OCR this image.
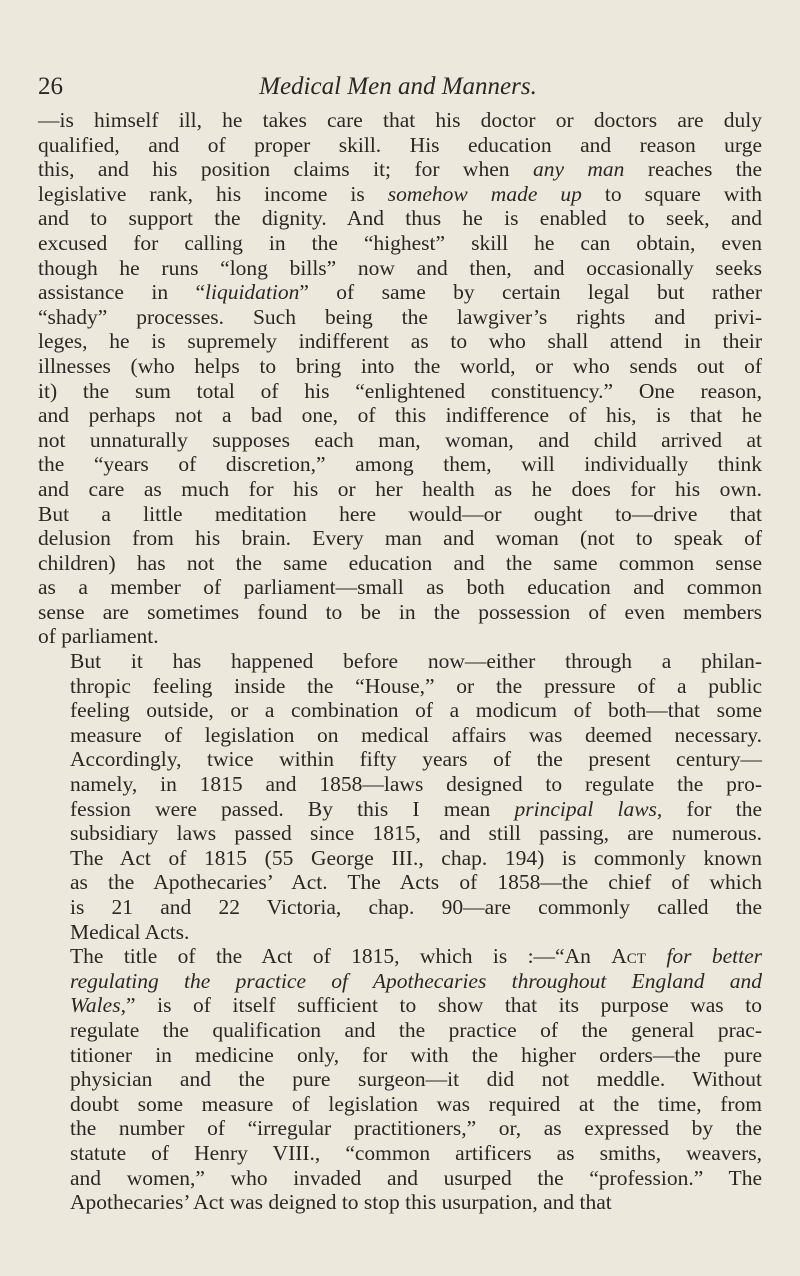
26	Medical Men and Manners.
—is himself ill, he takes care that his doctor or doctors are duly
qualified, and of proper skill. His education and reason urge
this, and his position claims it; for when any man reaches the
legislative rank, his income is somehow made up to square with
and to support the dignity. And thus he is enabled to seek, and
excused for calling in the “highest” skill he can obtain, even
though he runs “long bills” now and then, and occasionally seeks
assistance in “liquidation” of same by certain legal but rather
“shady” processes. Such being the lawgiver’s rights and privi-
leges, he is supremely indifferent as to who shall attend in their
illnesses (who helps to bring into the world, or who sends out of
it) the sum total of his “enlightened constituency.” One reason,
and perhaps not a bad one, of this indifference of his, is that he
not unnaturally supposes each man, woman, and child arrived at
the “years of discretion,” among them, will individually think
and care as much for his or her health as he does for his own.
But a little meditation here would—or ought to—drive that
delusion from his brain. Every man and woman (not to speak of
children) has not the same education and the same common sense
as a member of parliament—small as both education and common
sense are sometimes found to be in the possession of even members
of parliament.
But it has happened before now—either through a philan-
thropic feeling inside the “House,” or the pressure of a public
feeling outside, or a combination of a modicum of both—that some
measure of legislation on medical affairs was deemed necessary.
Accordingly, twice within fifty years of the present century—
namely, in 1815 and 1858—laws designed to regulate the pro-
fession were passed. By this I mean principal laws, for the
subsidiary laws passed since 1815, and still passing, are numerous.
The Act of 1815 (55 George III., chap. 194) is commonly known
as the Apothecaries’ Act. The Acts of 1858—the chief of which
is 21 and 22 Victoria, chap. 90—are commonly called the
Medical Acts.
The title of the Act of 1815, which is :—“An Act for better
regulating the practice of Apothecaries throughout England and
Wales,” is of itself sufficient to show that its purpose was to
regulate the qualification and the practice of the general prac-
titioner in medicine only, for with the higher orders—the pure
physician and the pure surgeon—it did not meddle. Without
doubt some measure of legislation was required at the time, from
the number of “irregular practitioners,” or, as expressed by the
statute of Henry VIII., “common artificers as smiths, weavers,
and women,” who invaded and usurped the “profession.” The
Apothecaries’ Act was deigned to stop this usurpation, and that
